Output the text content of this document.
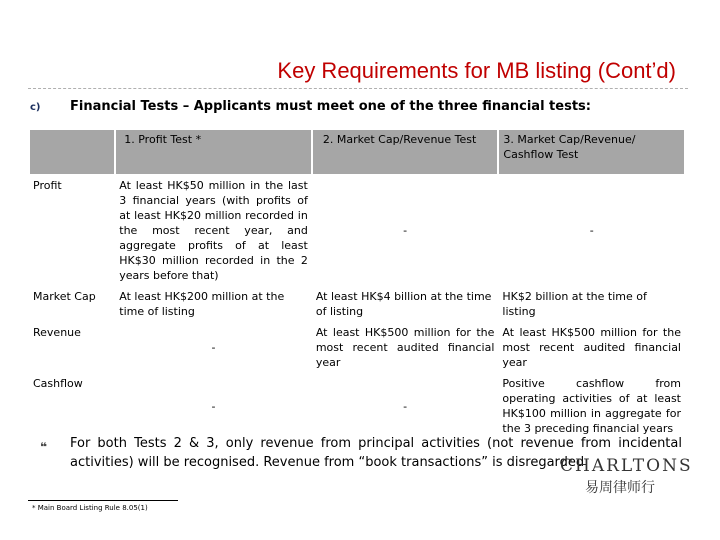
Key Requirements for MB listing (Cont’d)
c) Financial Tests – Applicants must meet one of the three financial tests:
	1. Profit Test *	2. Market Cap/Revenue Test	3. Market Cap/Revenue/ Cashflow Test
Profit	At least HK$50 million in the last 3 financial years (with profits of at least HK$20 million recorded in the most recent year, and aggregate profits of at least HK$30 million recorded in the 2 years before that)	-	-
Market Cap	At least HK$200 million at the time of listing	At least HK$4 billion at the time of listing	HK$2 billion at the time of listing
Revenue	-	At least HK$500 million for the most recent audited financial year	At least HK$500 million for the most recent audited financial year
Cashflow	-	-	Positive cashflow from operating activities of at least HK$100 million in aggregate for the 3 preceding financial years
❝ For both Tests 2 & 3, only revenue from principal activities (not revenue from incidental activities) will be recognised. Revenue from “book transactions” is disregarded
CHARLTONS
易周律师行
* Main Board Listing Rule 8.05(1)
